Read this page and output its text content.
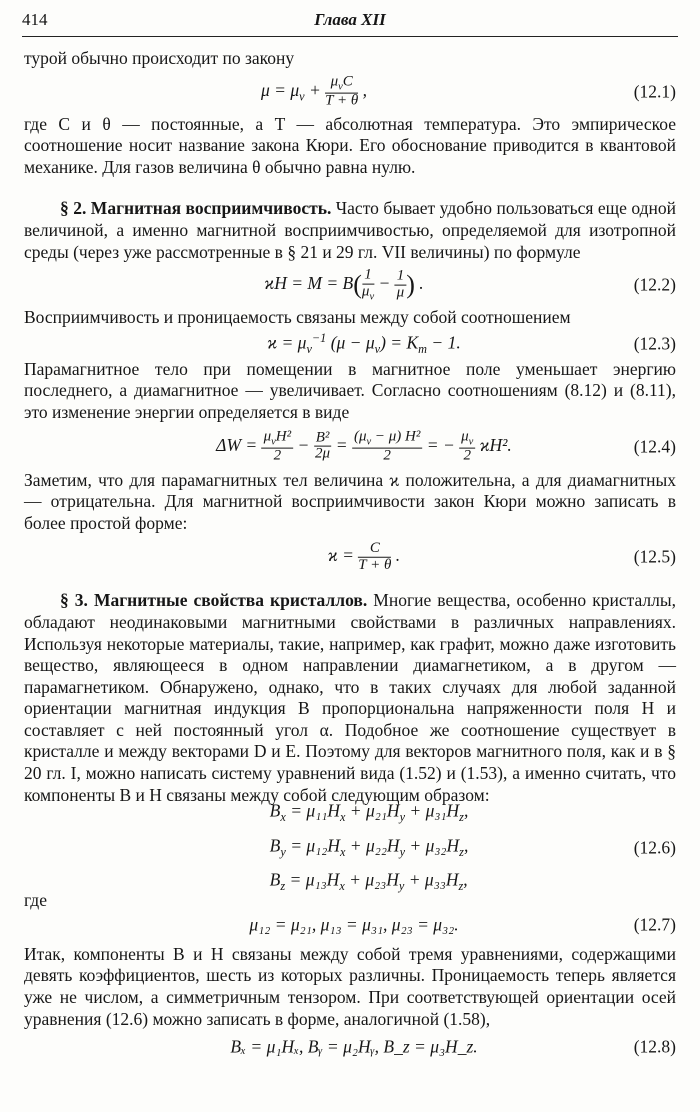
414	Глава XII

турой обычно происходит по закону

$\mu = \mu_v + \frac{\mu_vC}{T + \theta}$ ,	(12.1)

где C и θ — постоянные, а T — абсолютная температура. Это эмпирическое соотношение носит название закона Кюри. Его обоснование приводится в квантовой механике. Для газов величина θ обычно равна нулю.

§ 2. Магнитная восприимчивость. Часто бывает удобно пользоваться еще одной величиной, а именно магнитной восприимчивостью, определяемой для изотропной среды (через уже рассмотренные в § 21 и 29 гл. VII величины) по формуле

$ϰH = M = B( \frac{1}{\mu_v} - \frac{1}{\mu}$ ) .	(12.2)

Восприимчивость и проницаемость связаны между собой соотношением

$ϰ = \mu_v^{-1}$ $(\mu - \mu_v) = K_m - 1$.	(12.3)

Парамагнитное тело при помещении в магнитное поле уменьшает энергию последнего, а диамагнитное — увеличивает. Согласно соотношениям (8.12) и (8.11), это изменение энергии определяется в виде

$\Delta W = \frac{\mu_vH^2}{2} - \frac{\text{B²}}{2\mu} = \frac{(\mu_v - \mu) H^2}{2}$ = − $\frac{\mu_v}{2} ϰH^2$.	(12.4)

Заметим, что для парамагнитных тел величина ϰ положительна, а для диамагнитных — отрицательна. Для магнитной восприимчивости закон Кюри можно записать в более простой форме:

$ϰ = \frac{C}{T + \theta}$ .	(12.5)

§ 3. Магнитные свойства кристаллов. Многие вещества, особенно кристаллы, обладают неодинаковыми магнитными свойствами в различных направлениях. Используя некоторые материалы, такие, например, как графит, можно даже изготовить вещество, являющееся в одном направлении диамагнетиком, а в другом — парамагнетиком. Обнаружено, однако, что в таких случаях для любой заданной ориентации магнитная индукция B пропорциональна напряженности поля H и составляет с ней постоянный угол α. Подобное же соотношение существует в кристалле и между векторами D и E. Поэтому для векторов магнитного поля, как и в § 20 гл. I, можно написать систему уравнений вида (1.52) и (1.53), а именно считать, что компоненты B и H связаны между собой следующим образом:

$B_x = \mu_{11}H_x + \mu_{21}H_y + \mu_{31}H_z$,
$B_y = \mu_{12}H_x + \mu_{22}H_y + \mu_{32}H_z$,
$B_z = \mu_{13}H_x + \mu_{23}H_y + \mu_{33}H_z$,
(12.6)

где

μ₁₂ = μ₂₁, μ₁₃ = μ₃₁, μ₂₃ = μ₃₂.	(12.7)

Итак, компоненты B и H связаны между собой тремя уравнениями, содержащими девять коэффициентов, шесть из которых различны. Проницаемость теперь является уже не числом, а симметричным тензором. При соответствующей ориентации осей уравнения (12.6) можно записать в форме, аналогичной (1.58),

Bₓ = μ₁Hₓ, Bᵧ = μ₂Hᵧ, B_z = μ₃H_z.	(12.8)
